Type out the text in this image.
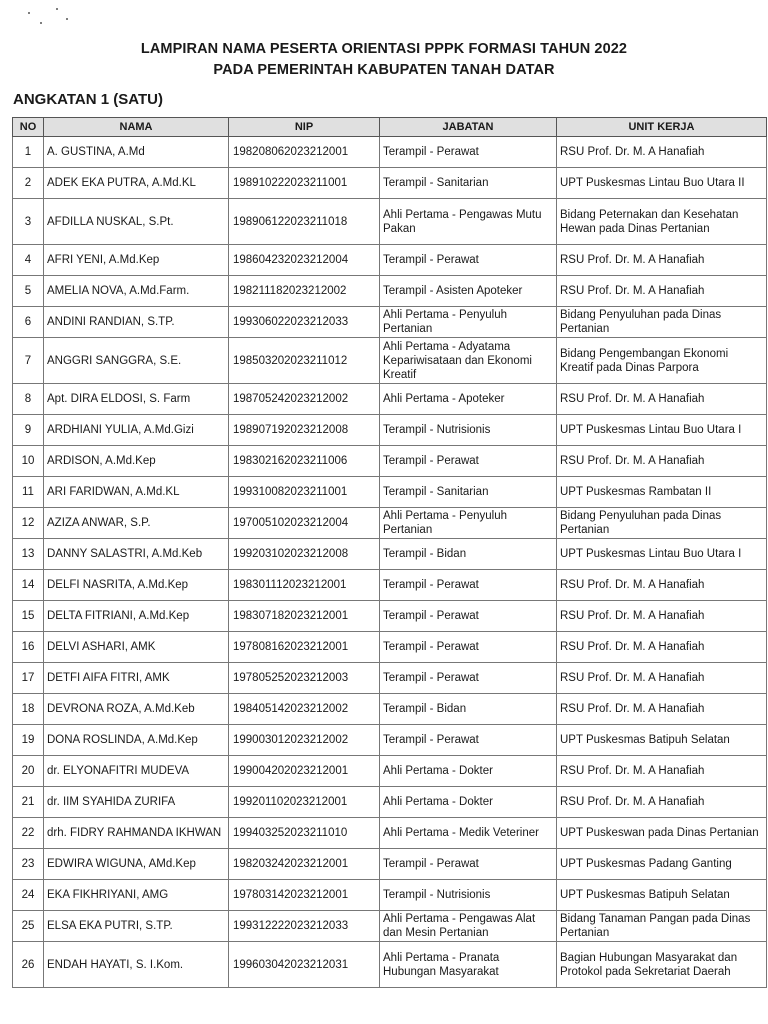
LAMPIRAN NAMA PESERTA ORIENTASI PPPK FORMASI TAHUN 2022
PADA PEMERINTAH KABUPATEN TANAH DATAR
ANGKATAN 1 (SATU)
NO	NAMA	NIP	JABATAN	UNIT KERJA
1	A. GUSTINA, A.Md	198208062023212001	Terampil - Perawat	RSU Prof. Dr. M. A Hanafiah
2	ADEK EKA PUTRA, A.Md.KL	198910222023211001	Terampil - Sanitarian	UPT Puskesmas Lintau Buo Utara II
3	AFDILLA NUSKAL, S.Pt.	198906122023211018	Ahli Pertama - Pengawas Mutu Pakan	Bidang Peternakan dan Kesehatan Hewan pada Dinas Pertanian
4	AFRI YENI, A.Md.Kep	198604232023212004	Terampil - Perawat	RSU Prof. Dr. M. A Hanafiah
5	AMELIA NOVA, A.Md.Farm.	198211182023212002	Terampil - Asisten Apoteker	RSU Prof. Dr. M. A Hanafiah
6	ANDINI RANDIAN, S.TP.	199306022023212033	Ahli Pertama - Penyuluh Pertanian	Bidang Penyuluhan pada Dinas Pertanian
7	ANGGRI SANGGRA, S.E.	198503202023211012	Ahli Pertama - Adyatama Kepariwisataan dan Ekonomi Kreatif	Bidang Pengembangan Ekonomi Kreatif pada Dinas Parpora
8	Apt. DIRA ELDOSI, S. Farm	198705242023212002	Ahli Pertama - Apoteker	RSU Prof. Dr. M. A Hanafiah
9	ARDHIANI YULIA, A.Md.Gizi	198907192023212008	Terampil - Nutrisionis	UPT Puskesmas Lintau Buo Utara I
10	ARDISON, A.Md.Kep	198302162023211006	Terampil - Perawat	RSU Prof. Dr. M. A Hanafiah
11	ARI FARIDWAN, A.Md.KL	199310082023211001	Terampil - Sanitarian	UPT Puskesmas Rambatan II
12	AZIZA ANWAR, S.P.	197005102023212004	Ahli Pertama - Penyuluh Pertanian	Bidang Penyuluhan pada Dinas Pertanian
13	DANNY SALASTRI, A.Md.Keb	199203102023212008	Terampil - Bidan	UPT Puskesmas Lintau Buo Utara I
14	DELFI NASRITA, A.Md.Kep	198301112023212001	Terampil - Perawat	RSU Prof. Dr. M. A Hanafiah
15	DELTA FITRIANI, A.Md.Kep	198307182023212001	Terampil - Perawat	RSU Prof. Dr. M. A Hanafiah
16	DELVI ASHARI, AMK	197808162023212001	Terampil - Perawat	RSU Prof. Dr. M. A Hanafiah
17	DETFI AIFA FITRI, AMK	197805252023212003	Terampil - Perawat	RSU Prof. Dr. M. A Hanafiah
18	DEVRONA ROZA, A.Md.Keb	198405142023212002	Terampil - Bidan	RSU Prof. Dr. M. A Hanafiah
19	DONA ROSLINDA, A.Md.Kep	199003012023212002	Terampil - Perawat	UPT Puskesmas Batipuh Selatan
20	dr. ELYONAFITRI MUDEVA	199004202023212001	Ahli Pertama - Dokter	RSU Prof. Dr. M. A Hanafiah
21	dr. IIM SYAHIDA ZURIFA	199201102023212001	Ahli Pertama - Dokter	RSU Prof. Dr. M. A Hanafiah
22	drh. FIDRY RAHMANDA IKHWAN	199403252023211010	Ahli Pertama - Medik Veteriner	UPT Puskeswan pada Dinas Pertanian
23	EDWIRA WIGUNA, AMd.Kep	198203242023212001	Terampil - Perawat	UPT Puskesmas Padang Ganting
24	EKA FIKHRIYANI, AMG	197803142023212001	Terampil - Nutrisionis	UPT Puskesmas Batipuh Selatan
25	ELSA EKA PUTRI, S.TP.	199312222023212033	Ahli Pertama - Pengawas Alat dan Mesin Pertanian	Bidang Tanaman Pangan pada Dinas Pertanian
26	ENDAH HAYATI, S. I.Kom.	199603042023212031	Ahli Pertama - Pranata Hubungan Masyarakat	Bagian Hubungan Masyarakat dan Protokol pada Sekretariat Daerah
